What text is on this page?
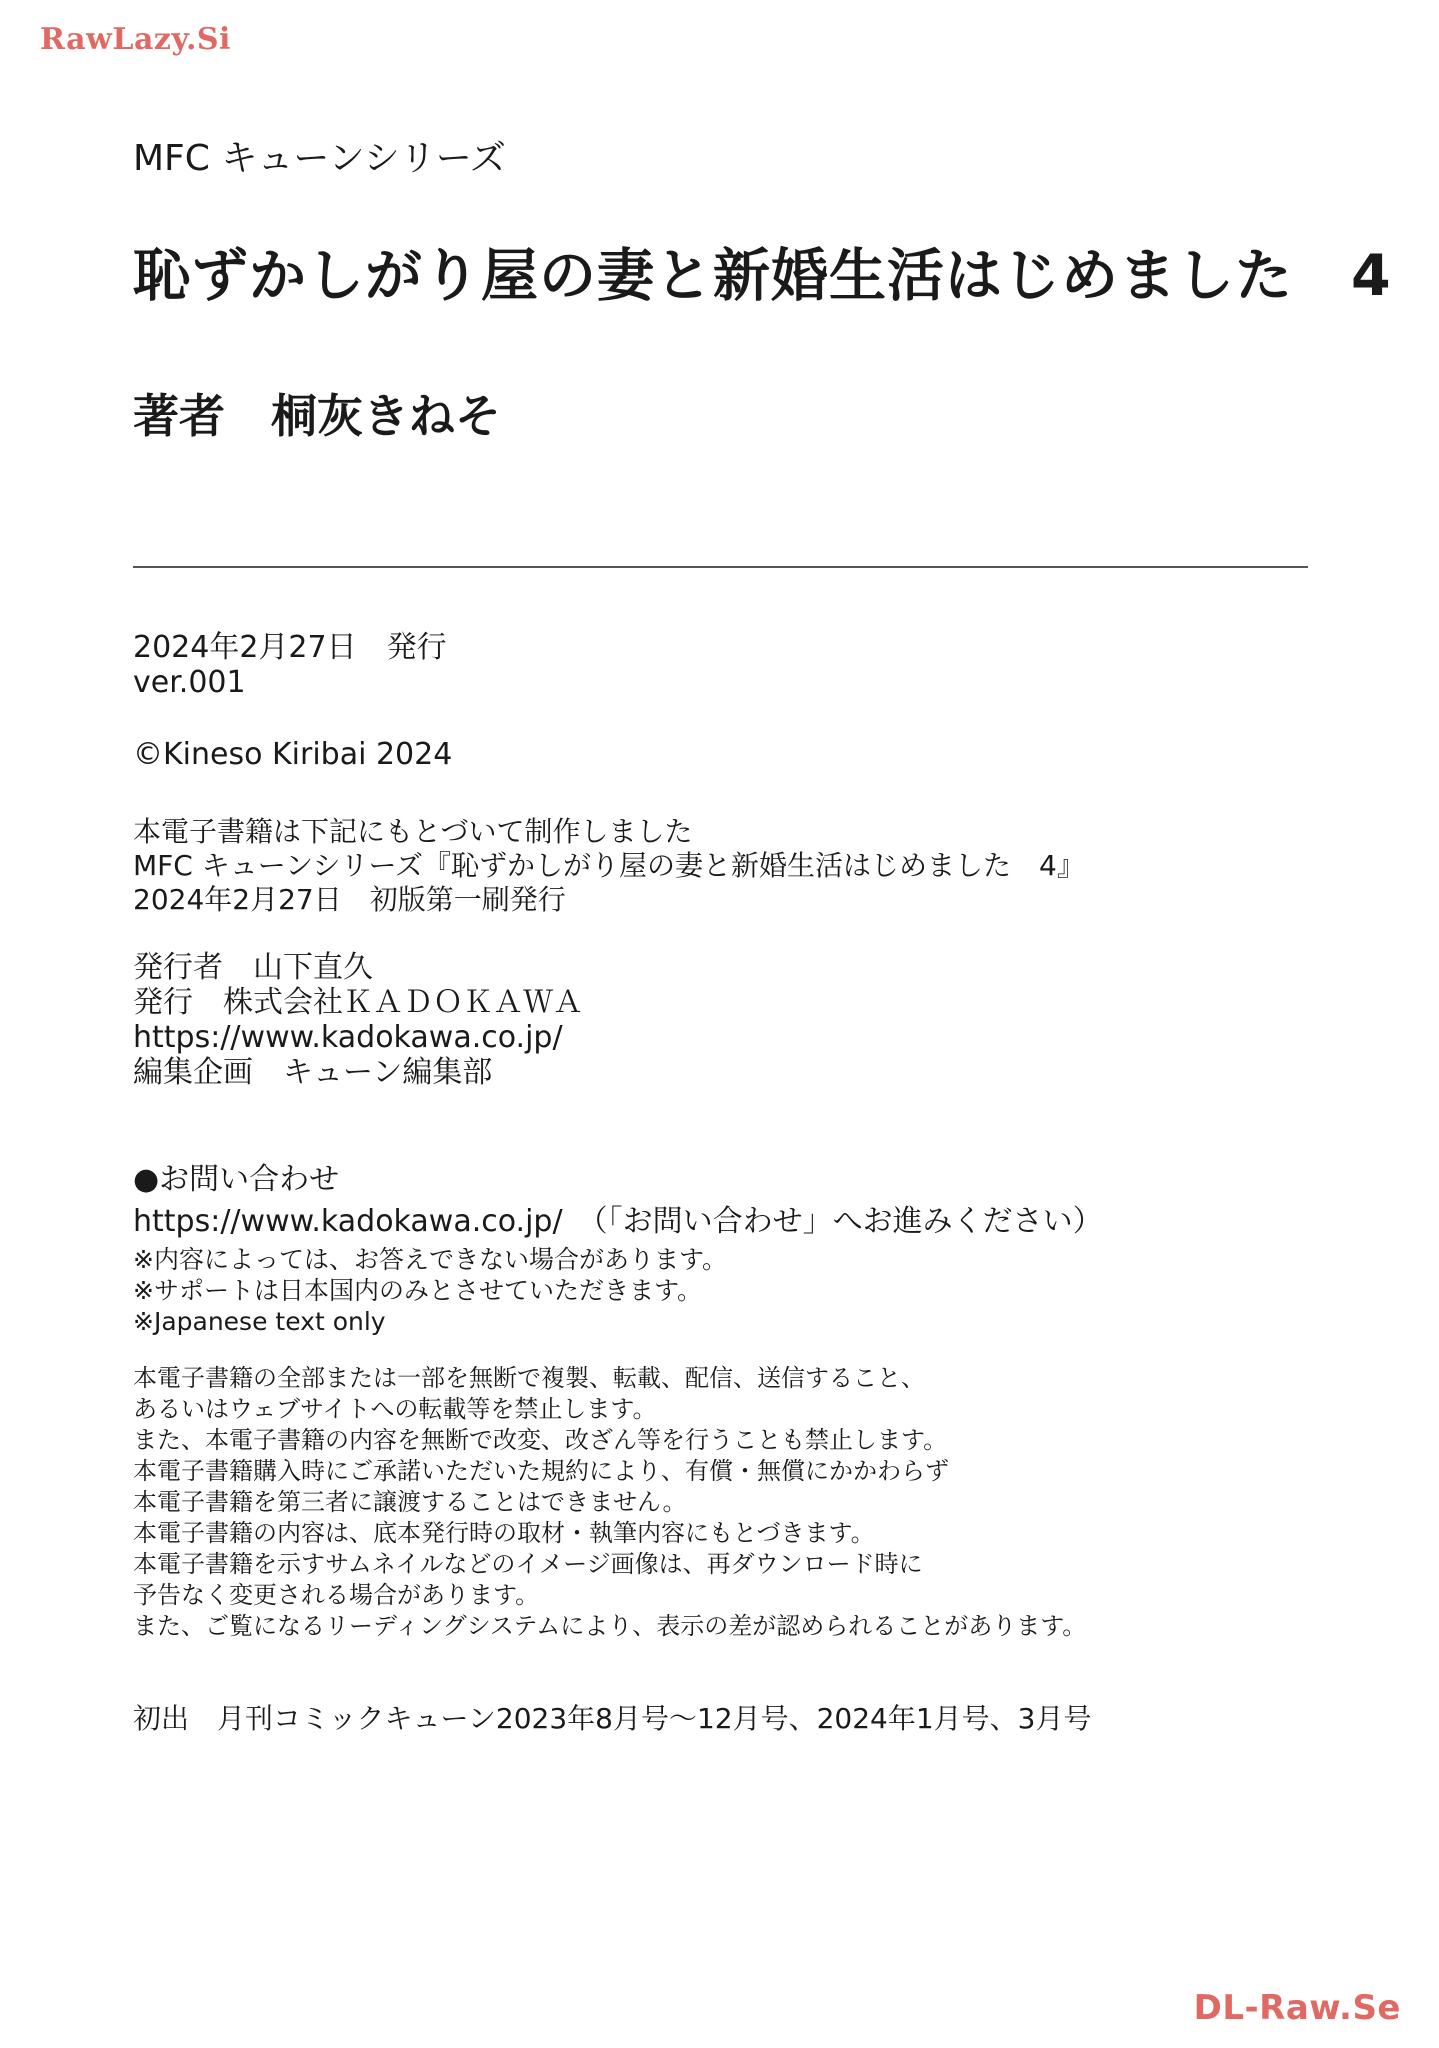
RawLazy.Si
MFC キューンシリーズ
恥ずかしがり屋の妻と新婚生活はじめました　4
著者　桐灰きねそ
2024年2月27日　発行
ver.001
©Kineso Kiribai 2024
本電子書籍は下記にもとづいて制作しました
MFC キューンシリーズ『恥ずかしがり屋の妻と新婚生活はじめました　4』
2024年2月27日　初版第一刷発行
発行者　山下直久
発行　株式会社ＫＡＤＯＫＡＷＡ
https://www.kadokawa.co.jp/
編集企画　キューン編集部
●お問い合わせ
https://www.kadokawa.co.jp/　（「お問い合わせ」へお進みください）
※内容によっては、お答えできない場合があります。
※サポートは日本国内のみとさせていただきます。
※Japanese text only
本電子書籍の全部または一部を無断で複製、転載、配信、送信すること、
あるいはウェブサイトへの転載等を禁止します。
また、本電子書籍の内容を無断で改変、改ざん等を行うことも禁止します。
本電子書籍購入時にご承諾いただいた規約により、有償・無償にかかわらず
本電子書籍を第三者に譲渡することはできません。
本電子書籍の内容は、底本発行時の取材・執筆内容にもとづきます。
本電子書籍を示すサムネイルなどのイメージ画像は、再ダウンロード時に
予告なく変更される場合があります。
また、ご覧になるリーディングシステムにより、表示の差が認められることがあります。
初出　月刊コミックキューン2023年8月号～12月号、2024年1月号、3月号
DL-Raw.Se
